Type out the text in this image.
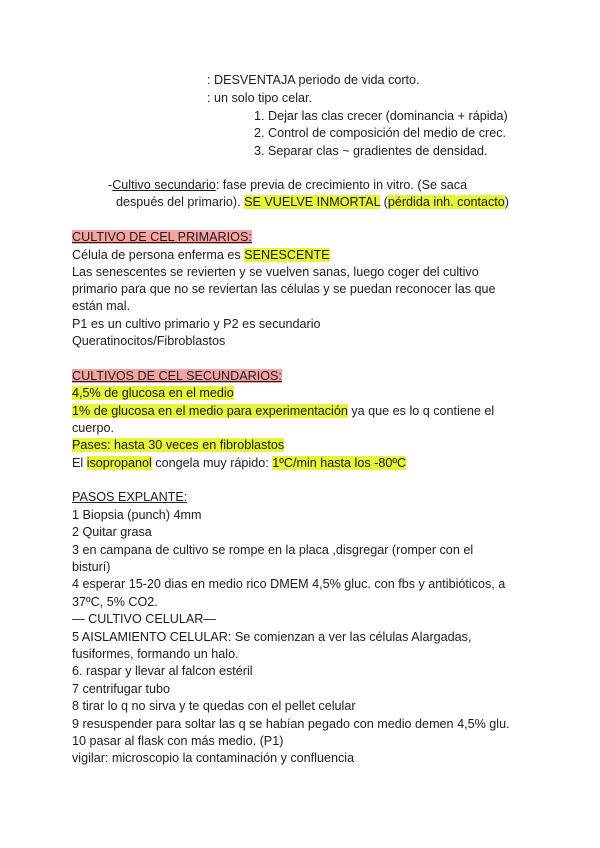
: DESVENTAJA periodo de vida corto.
: un solo tipo celar.
1. Dejar las clas crecer (dominancia + rápida)
2. Control de composición del medio de crec.
3. Separar clas ~ gradientes de densidad.
-Cultivo secundario: fase previa de crecimiento in vitro. (Se saca
después del primario). SE VUELVE INMORTAL (pérdida inh. contacto)
CULTIVO DE CEL PRIMARIOS:
Célula de persona enferma es SENESCENTE
Las senescentes se revierten y se vuelven sanas, luego coger del cultivo
primario para que no se reviertan las células y se puedan reconocer las que
están mal.
P1 es un cultivo primario y P2 es secundario
Queratinocitos/Fibroblastos
CULTIVOS DE CEL SECUNDARIOS:
4,5% de glucosa en el medio
1% de glucosa en el medio para experimentación ya que es lo q contiene el
cuerpo.
Pases: hasta 30 veces en fibroblastos
El isopropanol congela muy rápido: 1ºC/min hasta los -80ºC
PASOS EXPLANTE:
1 Biopsia (punch) 4mm
2 Quitar grasa
3 en campana de cultivo se rompe en la placa ,disgregar (romper con el
bisturí)
4 esperar 15-20 dias en medio rico DMEM 4,5% gluc. con fbs y antibióticos, a
37ºC, 5% CO2.
— CULTIVO CELULAR—
5 AISLAMIENTO CELULAR: Se comienzan a ver las células Alargadas,
fusiformes, formando un halo.
6. raspar y llevar al falcon estéril
7 centrifugar tubo
8 tirar lo q no sirva y te quedas con el pellet celular
9 resuspender para soltar las q se habían pegado con medio demen 4,5% glu.
10 pasar al flask con más medio. (P1)
vigilar: microscopio la contaminación y confluencia
